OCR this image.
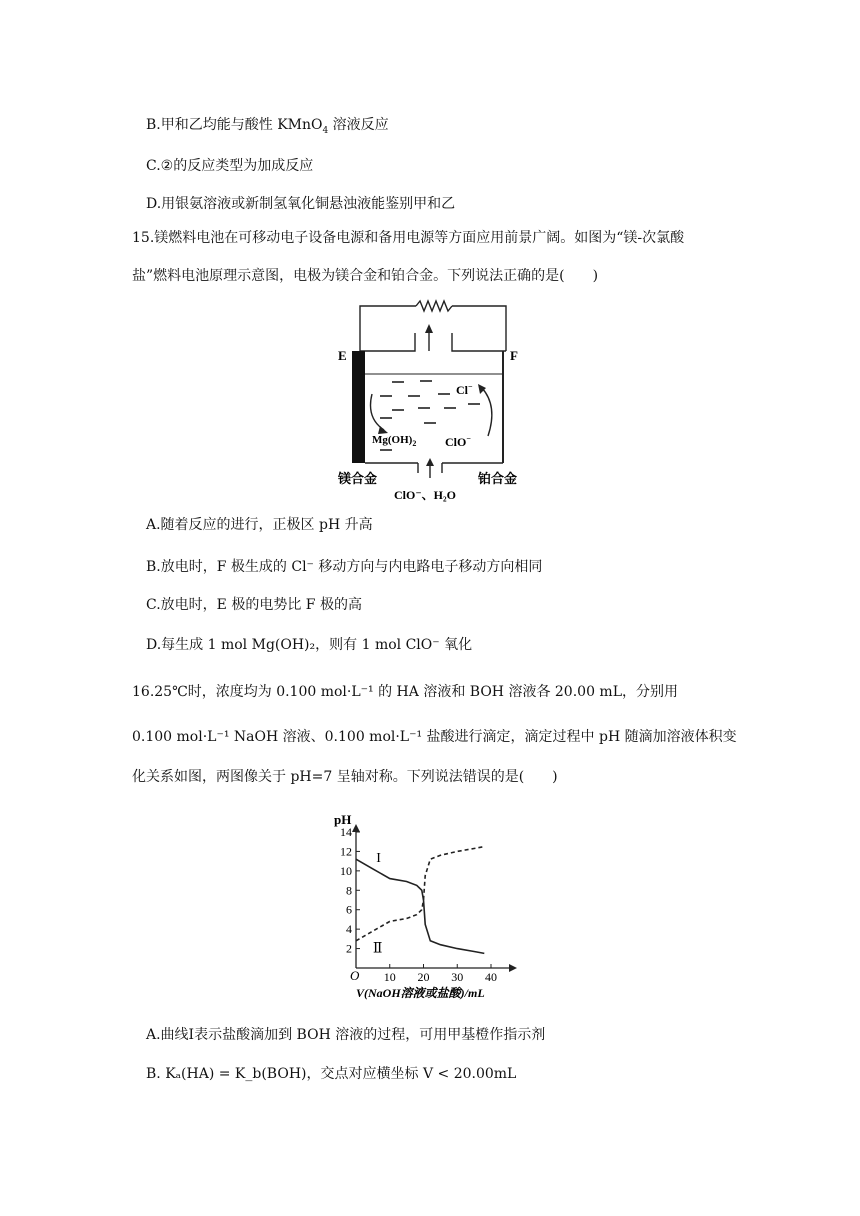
B.甲和乙均能与酸性 KMnO$_4$ 溶液反应
C.②的反应类型为加成反应
D.用银氨溶液或新制氢氧化铜悬浊液能鉴别甲和乙
15.镁燃料电池在可移动电子设备电源和备用电源等方面应用前景广阔。如图为“镁-次氯酸
盐”燃料电池原理示意图，电极为镁合金和铂合金。下列说法正确的是(　　)
E	F
Cl−
$Mg(OH)_2$ ClO−
镁合金	铂合金
ClO⁻、H₂O
A.随着反应的进行，正极区 pH 升高
B.放电时，F 极生成的 Cl⁻ 移动方向与内电路电子移动方向相同
C.放电时，E 极的电势比 F 极的高
D.每生成 1 mol Mg(OH)₂，则有 1 mol ClO⁻ 氧化
16.25℃时，浓度均为 0.100 mol·L⁻¹ 的 HA 溶液和 BOH 溶液各 20.00 mL，分别用
0.100 mol·L⁻¹ NaOH 溶液、0.100 mol·L⁻¹ 盐酸进行滴定，滴定过程中 pH 随滴加溶液体积变
化关系如图，两图像关于 pH=7 呈轴对称。下列说法错误的是(　　)
2
4
6
8
10
12
14
10 20 30 40
I
Ⅱ
pH
V(NaOH溶液或盐酸)/mL
O
A.曲线I表示盐酸滴加到 BOH 溶液的过程，可用甲基橙作指示剂
B. Kₐ(HA) = K_b(BOH)，交点对应横坐标 V < 20.00mL
